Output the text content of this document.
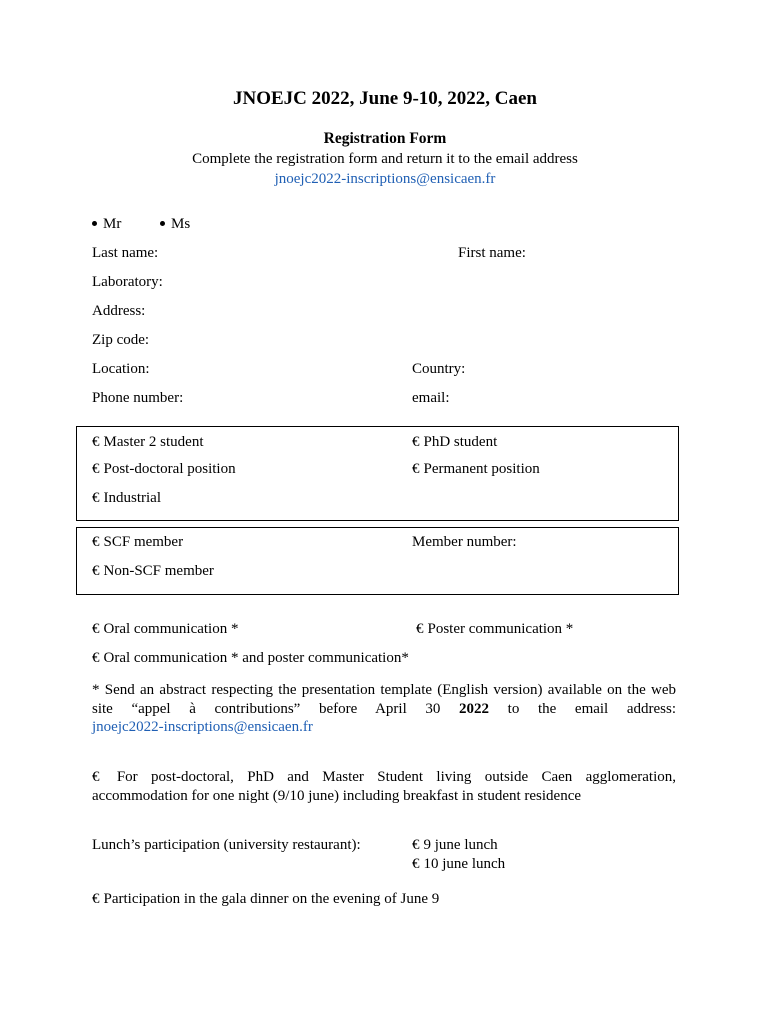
JNOEJC 2022, June 9-10, 2022, Caen
Registration Form
Complete the registration form and return it to the email address
jnoejc2022-inscriptions@ensicaen.fr
Mr	Ms
Last name:	First name:
Laboratory:
Address:
Zip code:
Location:	Country:
Phone number:	email:
€ Master 2 student	€ PhD student
€ Post-doctoral position	€ Permanent position
€ Industrial
€ SCF member	Member number:
€ Non-SCF member
€ Oral communication *	€ Poster communication *
€ Oral communication * and poster communication*
* Send an abstract respecting the presentation template (English version) available on the web site “appel à contributions” before April 30 2022 to the email address:
jnoejc2022-inscriptions@ensicaen.fr
€ For post-doctoral, PhD and Master Student living outside Caen agglomeration,
accommodation for one night (9/10 june) including breakfast in student residence
Lunch’s participation (university restaurant):	€ 9 june lunch
€ 10 june lunch
€ Participation in the gala dinner on the evening of June 9
